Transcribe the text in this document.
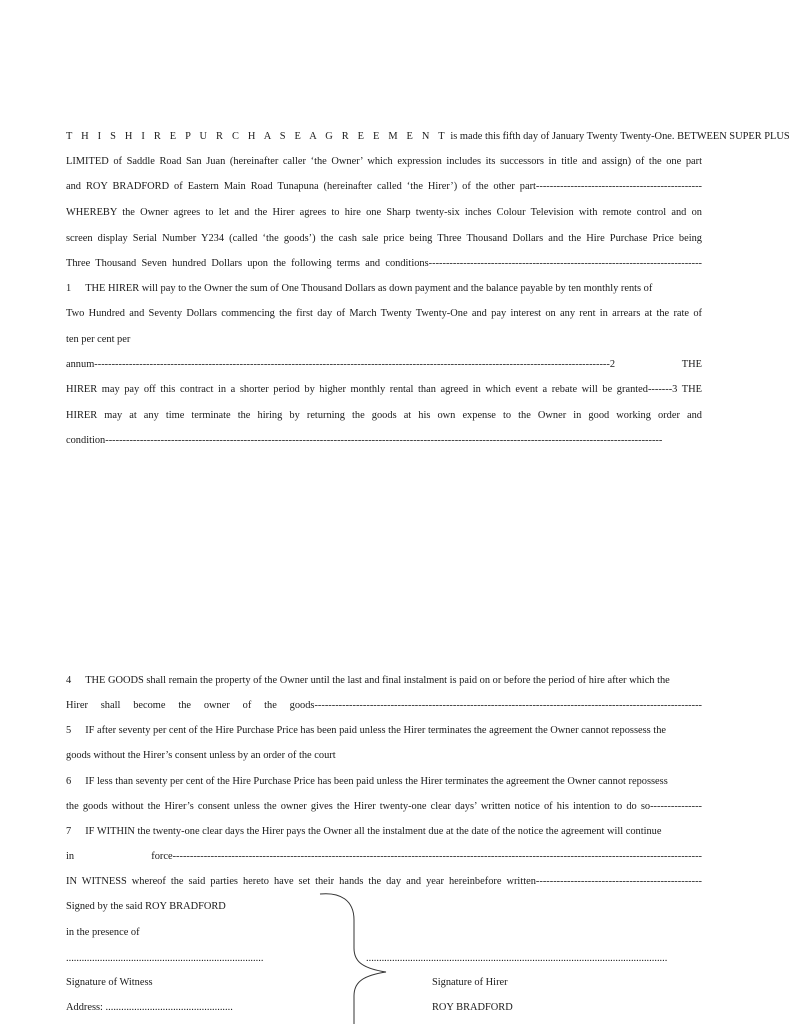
T H I S H I R E P U R C H A S E A G R E E M E N T is made this fifth day of January Twenty Twenty-One. BETWEEN SUPER PLUS
LIMITED of Saddle Road San Juan (hereinafter caller ‘the Owner’ which expression includes its successors in title and assign) of the one part
and ROY BRADFORD of Eastern Main Road Tunapuna (hereinafter called ‘the Hirer’) of the other part------------------------------------------------
WHEREBY the Owner agrees to let and the Hirer agrees to hire one Sharp twenty-six inches Colour Television with remote control and on
screen display Serial Number Y234 (called ‘the goods’) the cash sale price being Three Thousand Dollars and the Hire Purchase Price being
Three Thousand Seven hundred Dollars upon the following terms and conditions-------------------------------------------------------------------------------
1 THE HIRER will pay to the Owner the sum of One Thousand Dollars as down payment and the balance payable by ten monthly rents of
Two Hundred and Seventy Dollars commencing the first day of March Twenty Twenty-One and pay interest on any rent in arrears at the rate of
ten per cent per
annum-----------------------------------------------------------------------------------------------------------------------------------------------------2	THE
HIRER may pay off this contract in a shorter period by higher monthly rental than agreed in which event a rebate will be granted-------3 THE
HIRER may at any time terminate the hiring by returning the goods at his own expense to the Owner in good working order and
condition-----------------------------------------------------------------------------------------------------------------------------------------------------------------
4 THE GOODS shall remain the property of the Owner until the last and final instalment is paid on or before the period of hire after which the
Hirer shall become the owner of the goods----------------------------------------------------------------------------------------------------------------
5 IF after seventy per cent of the Hire Purchase Price has been paid unless the Hirer terminates the agreement the Owner cannot repossess the
goods without the Hirer’s consent unless by an order of the court
6 IF less than seventy per cent of the Hire Purchase Price has been paid unless the Hirer terminates the agreement the Owner cannot repossess
the goods without the Hirer’s consent unless the owner gives the Hirer twenty-one clear days’ written notice of his intention to do so---------------
7 IF WITHIN the twenty-one clear days the Hirer pays the Owner all the instalment due at the date of the notice the agreement will continue
in force---------------------------------------------------------------------------------------------------------------------------------------------------------
IN WITNESS whereof the said parties hereto have set their hands the day and year hereinbefore written------------------------------------------------
Signed by the said ROY BRADFORD
in the presence of
............................................................................	....................................................................................................................
Signature of Witness	Signature of Hirer
Address: .................................................	ROY BRADFORD
